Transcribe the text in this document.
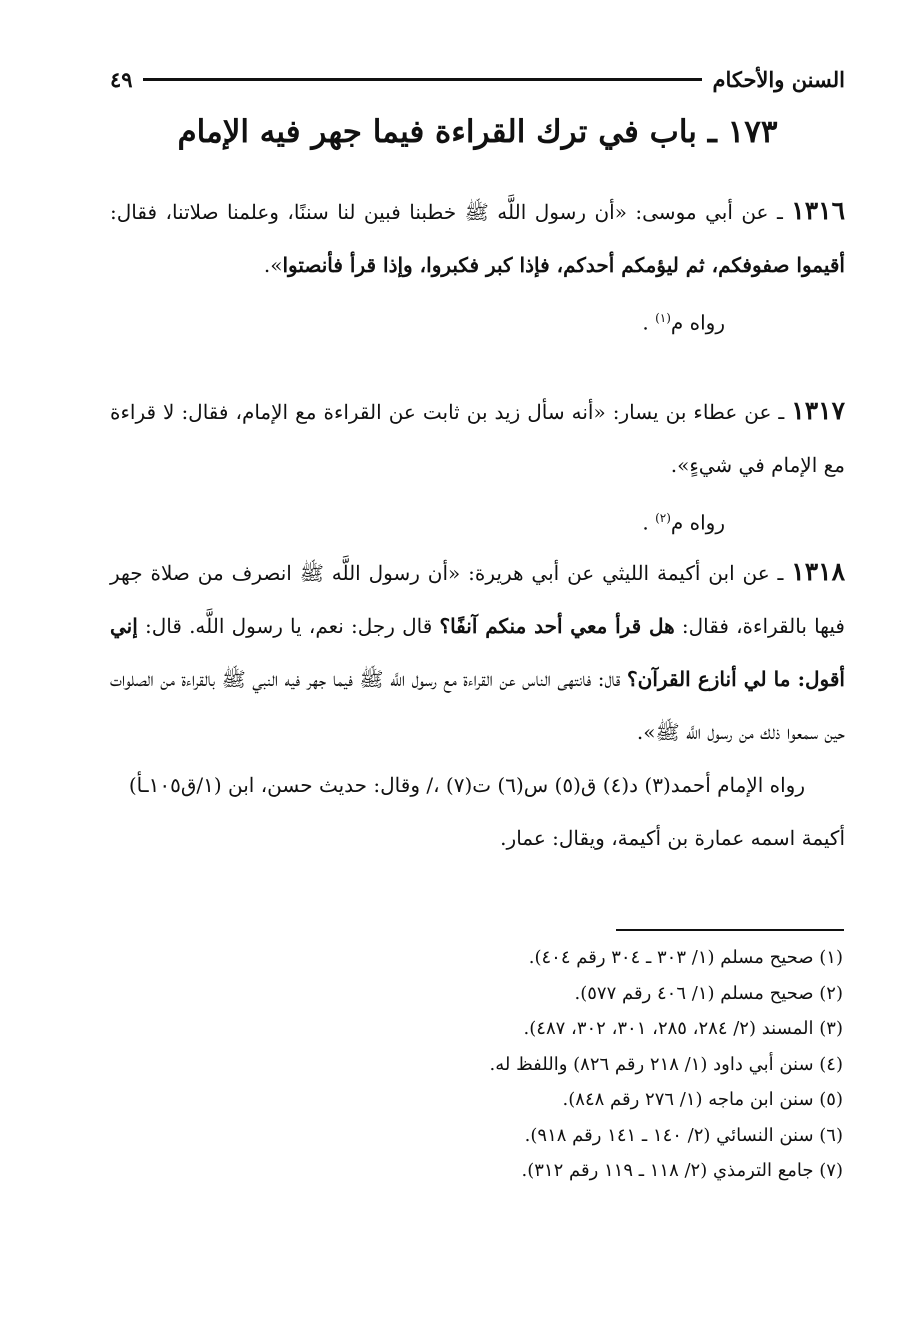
السنن والأحكام
٤٩
١٧٣ ـ باب في ترك القراءة فيما جهر فيه الإمام
١٣١٦ ـ عن أبي موسى: «أن رسول اللَّه ﷺ خطبنا فبين لنا سننًا، وعلمنا صلاتنا، فقال: أقيموا صفوفكم، ثم ليؤمكم أحدكم، فإذا كبر فكبروا، وإذا قرأ فأنصتوا».
رواه م$^{(١)}$ .
١٣١٧ ـ عن عطاء بن يسار: «أنه سأل زيد بن ثابت عن القراءة مع الإمام، فقال: لا قراءة مع الإمام في شيءٍ».
رواه م$^{(٢)}$ .
١٣١٨ ـ عن ابن أكيمة الليثي عن أبي هريرة: «أن رسول اللَّه ﷺ انصرف من صلاة جهر فيها بالقراءة، فقال: هل قرأ معي أحد منكم آنفًا؟ قال رجل: نعم، يا رسول اللَّه. قال: إني أقول: ما لي أنازع القرآن؟ قال: فانتهى الناس عن القراءة مع رسول اللَّه ﷺ فيما جهر فيه النبي ﷺ بالقراءة من الصلوات حين سمعوا ذلك من رسول اللَّه ﷺ».
رواه الإمام أحمد(٣) د(٤) ق(٥) س(٦) ت(٧) ،/ وقال: حديث حسن، ابن (١/ق١٠٥ـأ)
أكيمة اسمه عمارة بن أكيمة، ويقال: عمار.
(١) صحيح مسلم (١/ ٣٠٣ ـ ٣٠٤ رقم ٤٠٤).
(٢) صحيح مسلم (١/ ٤٠٦ رقم ٥٧٧).
(٣) المسند (٢/ ٢٨٤، ٢٨٥، ٣٠١، ٣٠٢، ٤٨٧).
(٤) سنن أبي داود (١/ ٢١٨ رقم ٨٢٦) واللفظ له.
(٥) سنن ابن ماجه (١/ ٢٧٦ رقم ٨٤٨).
(٦) سنن النسائي (٢/ ١٤٠ ـ ١٤١ رقم ٩١٨).
(٧) جامع الترمذي (٢/ ١١٨ ـ ١١٩ رقم ٣١٢).
